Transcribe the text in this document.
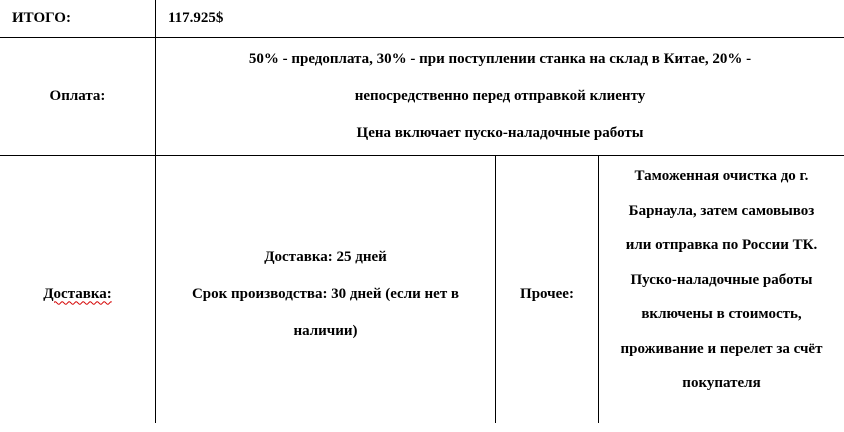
ИТОГО:	117.925$
Оплата:
50% - предоплата, 30% - при поступлении станка на склад в Китае, 20% -
непосредственно перед отправкой клиенту
Цена включает пуско-наладочные работы
Доставка:
Доставка: 25 дней
Срок производства: 30 дней (если нет в
наличии)
Прочее:
Таможенная очистка до г.
Барнаула, затем самовывоз
или отправка по России ТК.
Пуско-наладочные работы
включены в стоимость,
проживание и перелет за счёт
покупателя
